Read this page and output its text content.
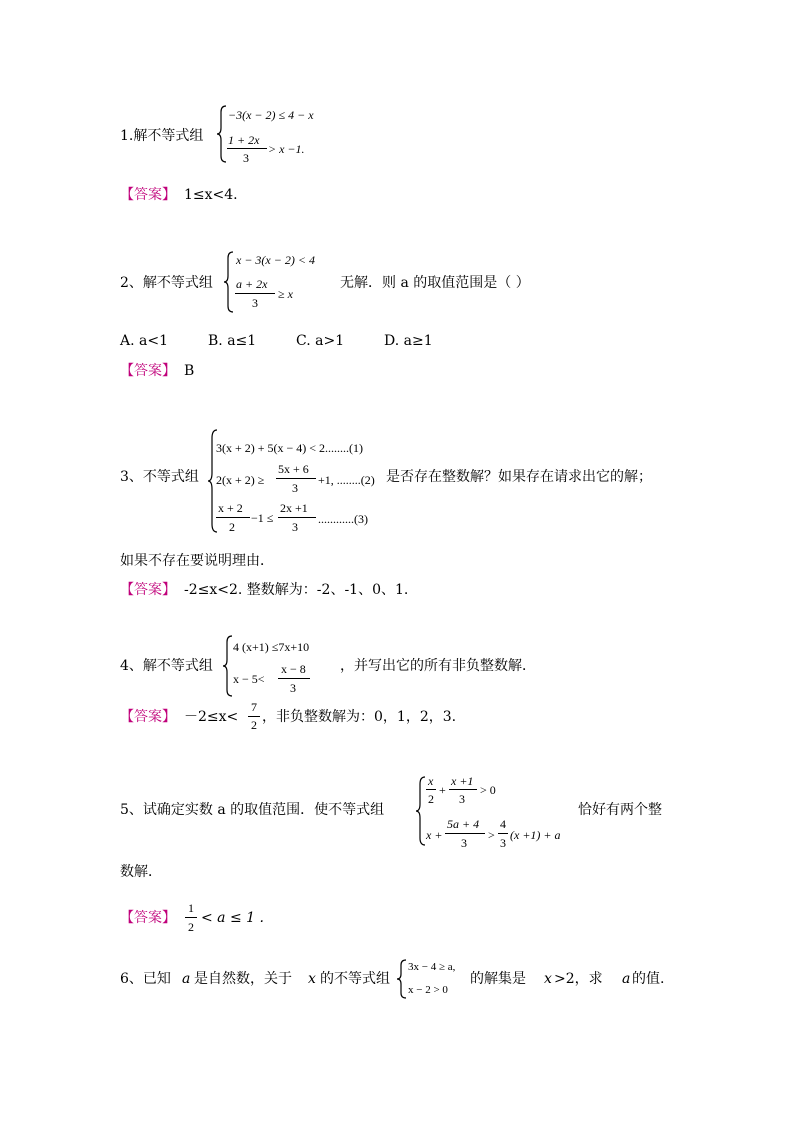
1.解不等式组
−3(x − 2) ≤ 4 − x
1 + 2x
3
> x −1.
【答案】 1≤x<4.
2、解不等式组
x − 3(x − 2) < 4
a + 2x
3
≥ x
无解．则 a 的取值范围是（ ）
A. a<1	B. a≤1	C. a>1	D. a≥1
【答案】 B
3、不等式组
3(x + 2) + 5(x − 4) < 2........(1)
2(x + 2) ≥
5x + 6
3
+1, ........(2)
x + 2
2
−1 ≤
2x +1
3
............(3)
是否存在整数解？如果存在请求出它的解；
如果不存在要说明理由．
【答案】 -2≤x<2. 整数解为：-2、-1、0、1.
4、解不等式组
4 (x+1) ≤7x+10
x − 5<
x − 8
3
，并写出它的所有非负整数解．
【答案】 －2≤x<
7
2 ，非负整数解为：0，1，2，3.
5、试确定实数 a 的取值范围．使不等式组
x
2
+
x +1
3
> 0
x +
5a + 4
3
>
4
3
(x +1) + a
恰好有两个整
数解．
【答案】
1
2
< a ≤ 1 .
6、已知 a 是自然数，关于 x 的不等式组
3x − 4 ≥ a,
x − 2 > 0
的解集是 x >2，求 a 的值.
